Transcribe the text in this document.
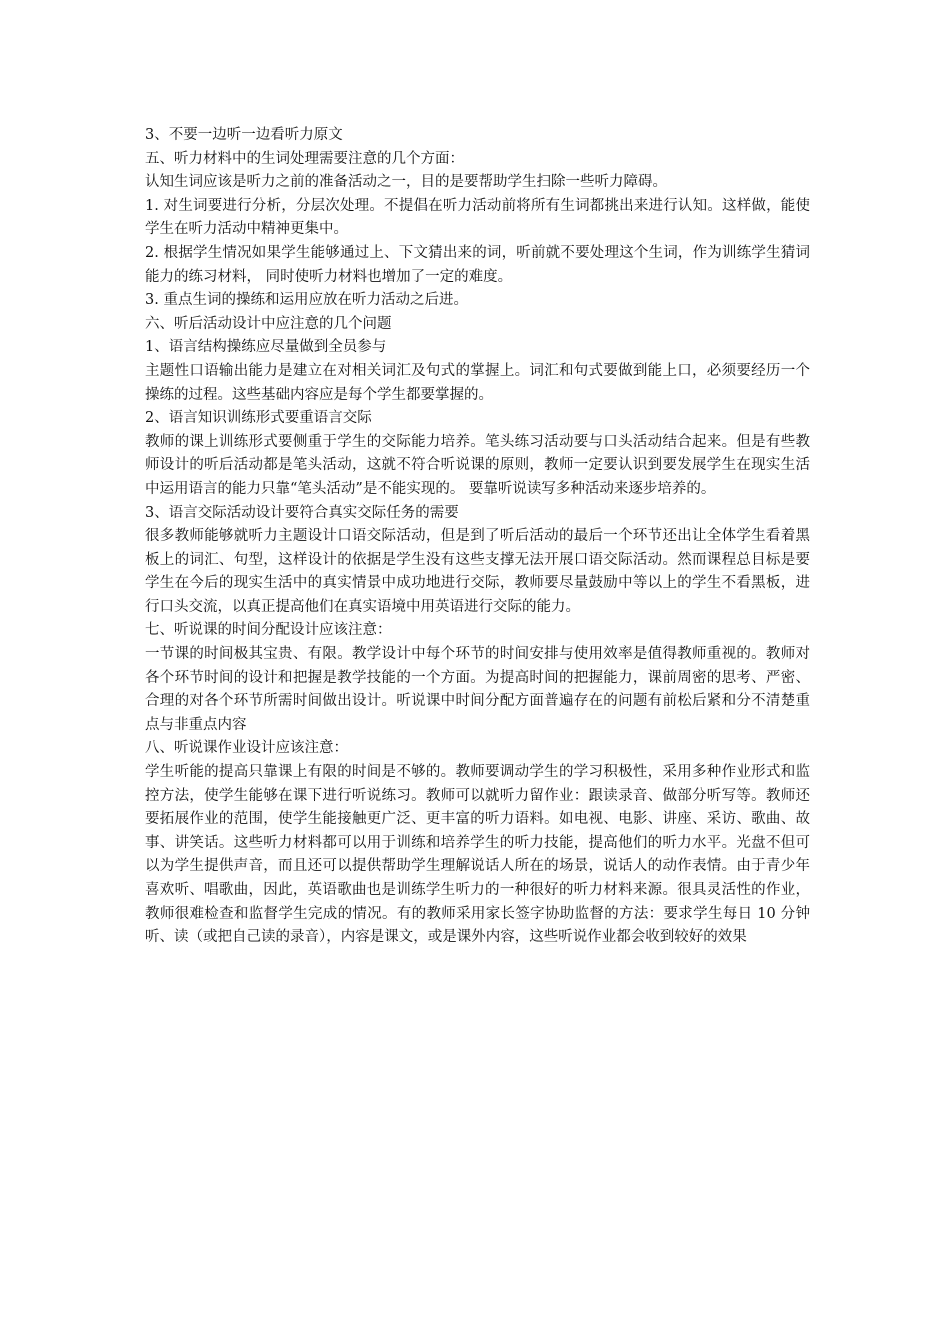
3、不要一边听一边看听力原文

五、听力材料中的生词处理需要注意的几个方面：

认知生词应该是听力之前的准备活动之一，目的是要帮助学生扫除一些听力障碍。

1. 对生词要进行分析，分层次处理。不提倡在听力活动前将所有生词都挑出来进行认知。这样做，能使学生在听力活动中精神更集中。

2. 根据学生情况如果学生能够通过上、下文猜出来的词，听前就不要处理这个生词，作为训练学生猜词能力的练习材料， 同时使听力材料也增加了一定的难度。

3. 重点生词的操练和运用应放在听力活动之后进。

六、听后活动设计中应注意的几个问题

1、语言结构操练应尽量做到全员参与

主题性口语输出能力是建立在对相关词汇及句式的掌握上。词汇和句式要做到能上口，必须要经历一个操练的过程。这些基础内容应是每个学生都要掌握的。

2、语言知识训练形式要重语言交际

教师的课上训练形式要侧重于学生的交际能力培养。笔头练习活动要与口头活动结合起来。但是有些教师设计的听后活动都是笔头活动，这就不符合听说课的原则，教师一定要认识到要发展学生在现实生活中运用语言的能力只靠“笔头活动”是不能实现的。 要靠听说读写多种活动来逐步培养的。

3、语言交际活动设计要符合真实交际任务的需要

很多教师能够就听力主题设计口语交际活动，但是到了听后活动的最后一个环节还出让全体学生看着黑板上的词汇、句型，这样设计的依据是学生没有这些支撑无法开展口语交际活动。然而课程总目标是要学生在今后的现实生活中的真实情景中成功地进行交际，教师要尽量鼓励中等以上的学生不看黑板，进行口头交流，以真正提高他们在真实语境中用英语进行交际的能力。

七、听说课的时间分配设计应该注意：

一节课的时间极其宝贵、有限。教学设计中每个环节的时间安排与使用效率是值得教师重视的。教师对各个环节时间的设计和把握是教学技能的一个方面。为提高时间的把握能力，课前周密的思考、严密、合理的对各个环节所需时间做出设计。听说课中时间分配方面普遍存在的问题有前松后紧和分不清楚重点与非重点内容

八、听说课作业设计应该注意：

学生听能的提高只靠课上有限的时间是不够的。教师要调动学生的学习积极性，采用多种作业形式和监控方法，使学生能够在课下进行听说练习。教师可以就听力留作业：跟读录音、做部分听写等。教师还要拓展作业的范围，使学生能接触更广泛、更丰富的听力语料。如电视、电影、讲座、采访、歌曲、故事、讲笑话。这些听力材料都可以用于训练和培养学生的听力技能，提高他们的听力水平。光盘不但可以为学生提供声音，而且还可以提供帮助学生理解说话人所在的场景，说话人的动作表情。由于青少年喜欢听、唱歌曲，因此，英语歌曲也是训练学生听力的一种很好的听力材料来源。很具灵活性的作业，教师很难检查和监督学生完成的情况。有的教师采用家长签字协助监督的方法：要求学生每日 10 分钟听、读（或把自己读的录音），内容是课文，或是课外内容，这些听说作业都会收到较好的效果
